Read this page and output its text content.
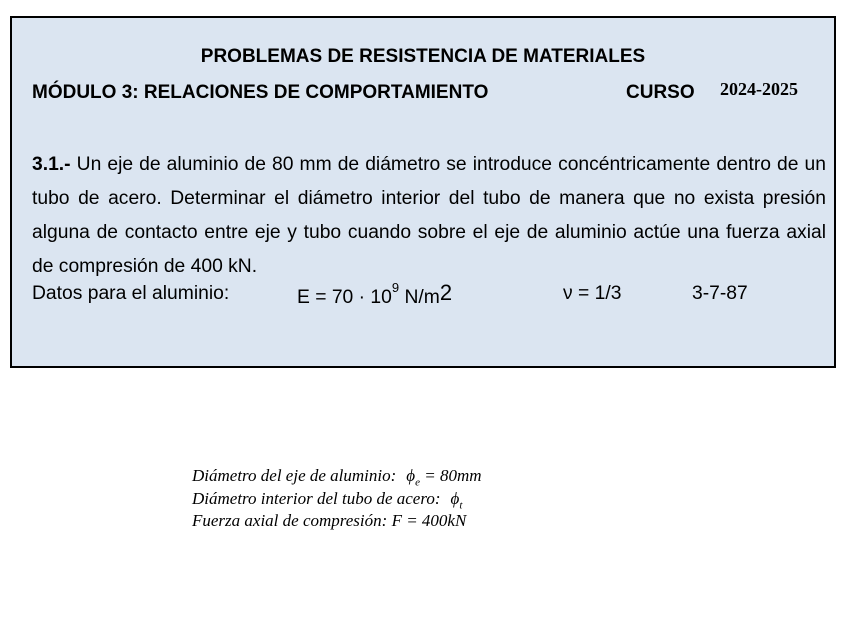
PROBLEMAS DE RESISTENCIA DE MATERIALES
MÓDULO 3: RELACIONES DE COMPORTAMIENTO	CURSO 2024-2025
3.1.- Un eje de aluminio de 80 mm de diámetro se introduce concéntricamente dentro de un tubo de acero. Determinar el diámetro interior del tubo de manera que no exista presión alguna de contacto entre eje y tubo cuando sobre el eje de aluminio actúe una fuerza axial de compresión de 400 kN.
Datos para el aluminio:	$E = 70 \cdot 10^9$ N/m2	ν = 1/3	3-7-87
Diámetro del eje de aluminio: $\phi_e = 80mm$
Diámetro interior del tubo de acero: $\phi_t$
Fuerza axial de compresión: F = 400kN
